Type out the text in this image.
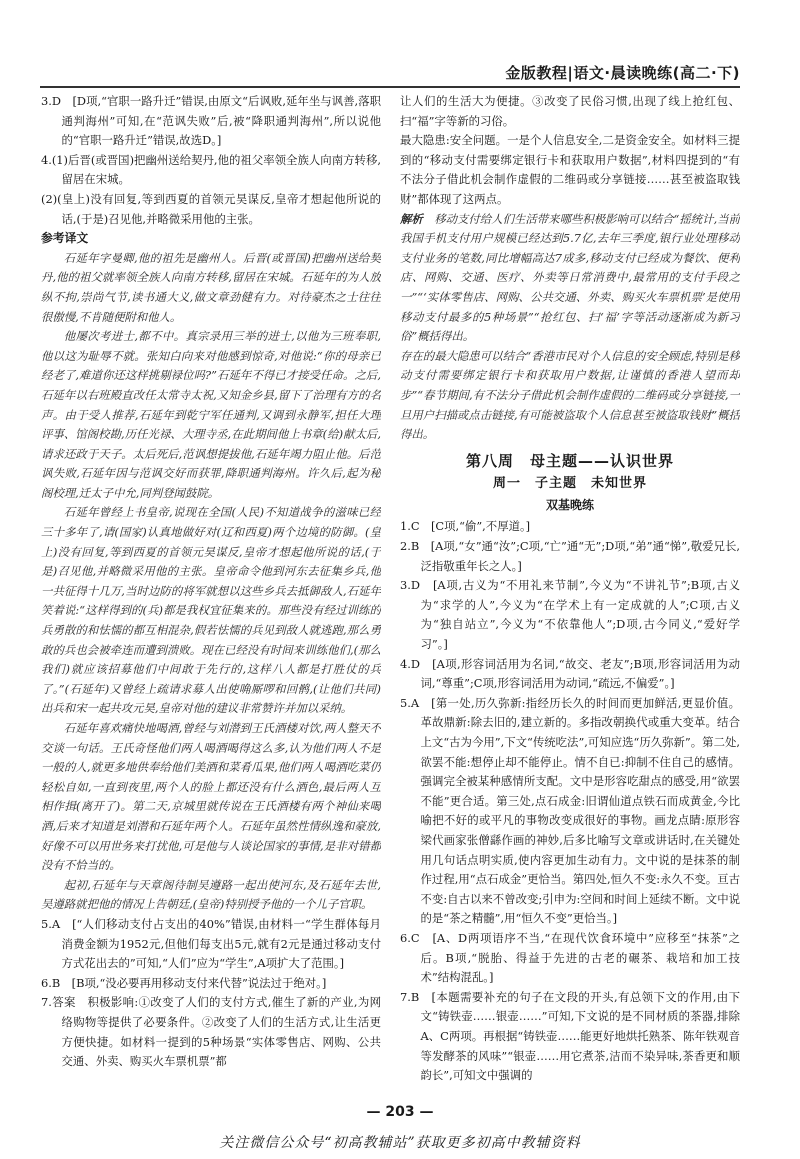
金版教程|语文·晨读晚练(高二·下)

3.D　[D项,“官职一路升迁”错误,由原文“后讽败,延年坐与讽善,落职通判海州”可知,在“范讽失败”后,被“降职通判海州”,所以说他的“官职一路升迁”错误,故选D。]

4.(1)后晋(或晋国)把幽州送给契丹,他的祖父率领全族人向南方转移,留居在宋城。

(2)(皇上)没有回复,等到西夏的首领元昊谋反,皇帝才想起他所说的话,(于是)召见他,并略微采用他的主张。

参考译文

石延年字曼卿,他的祖先是幽州人。后晋(或晋国)把幽州送给契丹,他的祖父就率领全族人向南方转移,留居在宋城。石延年的为人放纵不拘,崇尚气节,读书通大义,做文章劲健有力。对待豪杰之士往往很傲慢,不肯随便附和他人。

他屡次考进士,都不中。真宗录用三举的进士,以他为三班奉职,他以这为耻辱不就。张知白向来对他感到惊奇,对他说:“你的母亲已经老了,难道你还这样挑剔禄位吗?”石延年不得已才接受任命。之后,石延年以右班殿直改任太常寺太祝,又知金乡县,留下了治理有方的名声。由于受人推荐,石延年到乾宁军任通判,又调到永静军,担任大理评事、馆阁校勘,历任光禄、大理寺丞,在此期间他上书章(给)献太后,请求还政于天子。太后死后,范讽想提拔他,石延年竭力阻止他。后范讽失败,石延年因与范讽交好而获罪,降职通判海州。许久后,起为秘阁校理,迁太子中允,同判登闻鼓院。

石延年曾经上书皇帝,说现在全国(人民)不知道战争的滋味已经三十多年了,请(国家)认真地做好对(辽和西夏)两个边境的防御。(皇上)没有回复,等到西夏的首领元昊谋反,皇帝才想起他所说的话,(于是)召见他,并略微采用他的主张。皇帝命令他到河东去征集乡兵,他一共征得十几万,当时边防的将军就想以这些乡兵去抵御敌人,石延年笑着说:“这样得到的(兵)都是我权宜征集来的。那些没有经过训练的兵勇散的和怯懦的都互相混杂,假若怯懦的兵见到敌人就逃跑,那么勇敢的兵也会被牵连而遭到溃败。现在已经没有时间来训练他们,(那么我们)就应该招募他们中间敢于先行的,这样八人都是打胜仗的兵了。”(石延年)又曾经上疏请求募人出使唃厮啰和回鹘,(让他们共同)出兵和宋一起共攻元昊,皇帝对他的建议非常赞许并加以采纳。

石延年喜欢痛快地喝酒,曾经与刘潜到王氏酒楼对饮,两人整天不交谈一句话。王氏奇怪他们两人喝酒喝得这么多,认为他们两人不是一般的人,就更多地供奉给他们美酒和菜肴瓜果,他们两人喝酒吃菜仍轻松自如,一直到夜里,两个人的脸上都还没有什么酒色,最后两人互相作揖(离开了)。第二天,京城里就传说在王氏酒楼有两个神仙来喝酒,后来才知道是刘潜和石延年两个人。石延年虽然性情纵逸和豪放,好像不可以用世务来打扰他,可是他与人谈论国家的事情,是非对错都没有不恰当的。

起初,石延年与天章阁待制吴遵路一起出使河东,及石延年去世,吴遵路就把他的情况上告朝廷,(皇帝)特别授予他的一个儿子官职。

5.A　[“人们移动支付占支出的40%”错误,由材料一“学生群体每月消费金额为1952元,但他们每支出5元,就有2元是通过移动支付方式花出去的”可知,“人们”应为“学生”,A项扩大了范围。]

6.B　[B项,“没必要再用移动支付来代替”说法过于绝对。]

7.答案　积极影响:①改变了人们的支付方式,催生了新的产业,为网络购物等提供了必要条件。②改变了人们的生活方式,让生活更方便快捷。如材料一提到的5种场景“实体零售店、网购、公共交通、外卖、购买火车票机票”都

让人们的生活大为便捷。③改变了民俗习惯,出现了线上抢红包、扫“福”字等新的习俗。

最大隐患:安全问题。一是个人信息安全,二是资金安全。如材料三提到的“移动支付需要绑定银行卡和获取用户数据”,材料四提到的“有不法分子借此机会制作虚假的二维码或分享链接……甚至被盗取钱财”都体现了这两点。

解析　移动支付给人们生活带来哪些积极影响可以结合“摇统计,当前我国手机支付用户规模已经达到5.7亿,去年三季度,银行业处理移动支付业务的笔数,同比增幅高达7成多,移动支付已经成为餐饮、便利店、网购、交通、医疗、外卖等日常消费中,最常用的支付手段之一”“‘实体零售店、网购、公共交通、外卖、购买火车票机票’是使用移动支付最多的5种场景”“抢红包、扫‘福’字等活动逐渐成为新习俗”概括得出。

存在的最大隐患可以结合“香港市民对个人信息的安全顾虑,特别是移动支付需要绑定银行卡和获取用户数据,让谨慎的香港人望而却步”“春节期间,有不法分子借此机会制作虚假的二维码或分享链接,一旦用户扫描或点击链接,有可能被盗取个人信息甚至被盗取钱财”概括得出。

第八周　母主题——认识世界
周一　子主题　未知世界
双基晚练

1.C　[C项,“偷”,不厚道。]

2.B　[A项,“女”通“汝”;C项,“亡”通“无”;D项,“弟”通“悌”,敬爱兄长,泛指敬重年长之人。]

3.D　[A项,古义为“不用礼来节制”,今义为“不讲礼节”;B项,古义为“求学的人”,今义为“在学术上有一定成就的人”;C项,古义为“独自站立”,今义为“不依靠他人”;D项,古今同义,“爱好学习”。]

4.D　[A项,形容词活用为名词,“故交、老友”;B项,形容词活用为动词,“尊重”;C项,形容词活用为动词,“疏远,不偏爱”。]

5.A　[第一处,历久弥新:指经历长久的时间而更加鲜活,更显价值。革故鼎新:除去旧的,建立新的。多指改朝换代或重大变革。结合上文“古为今用”,下文“传统吃法”,可知应选“历久弥新”。第二处,欲罢不能:想停止却不能停止。情不自已:抑制不住自己的感情。强调完全被某种感情所支配。文中是形容吃甜点的感受,用“欲罢不能”更合适。第三处,点石成金:旧谓仙道点铁石而成黄金,今比喻把不好的或平凡的事物改变成很好的事物。画龙点睛:原形容梁代画家张僧繇作画的神妙,后多比喻写文章或讲话时,在关键处用几句话点明实质,使内容更加生动有力。文中说的是抹茶的制作过程,用“点石成金”更恰当。第四处,恒久不变:永久不变。亘古不变:自古以来不曾改变;引申为:空间和时间上延续不断。文中说的是“茶之精髓”,用“恒久不变”更恰当。]

6.C　[A、D两项语序不当,“在现代饮食环境中”应移至“抹茶”之后。B项,“脱胎、得益于先进的古老的碾茶、栽培和加工技术”结构混乱。]

7.B　[本题需要补充的句子在文段的开头,有总领下文的作用,由下文“铸铁壶……银壶……”可知,下文说的是不同材质的茶器,排除A、C两项。再根据“铸铁壶……能更好地烘托熟茶、陈年铁观音等发酵茶的风味”“银壶……用它煮茶,洁而不染异味,茶香更和顺韵长”,可知文中强调的

— 203 —
关注微信公众号“初高教辅站”获取更多初高中教辅资料
